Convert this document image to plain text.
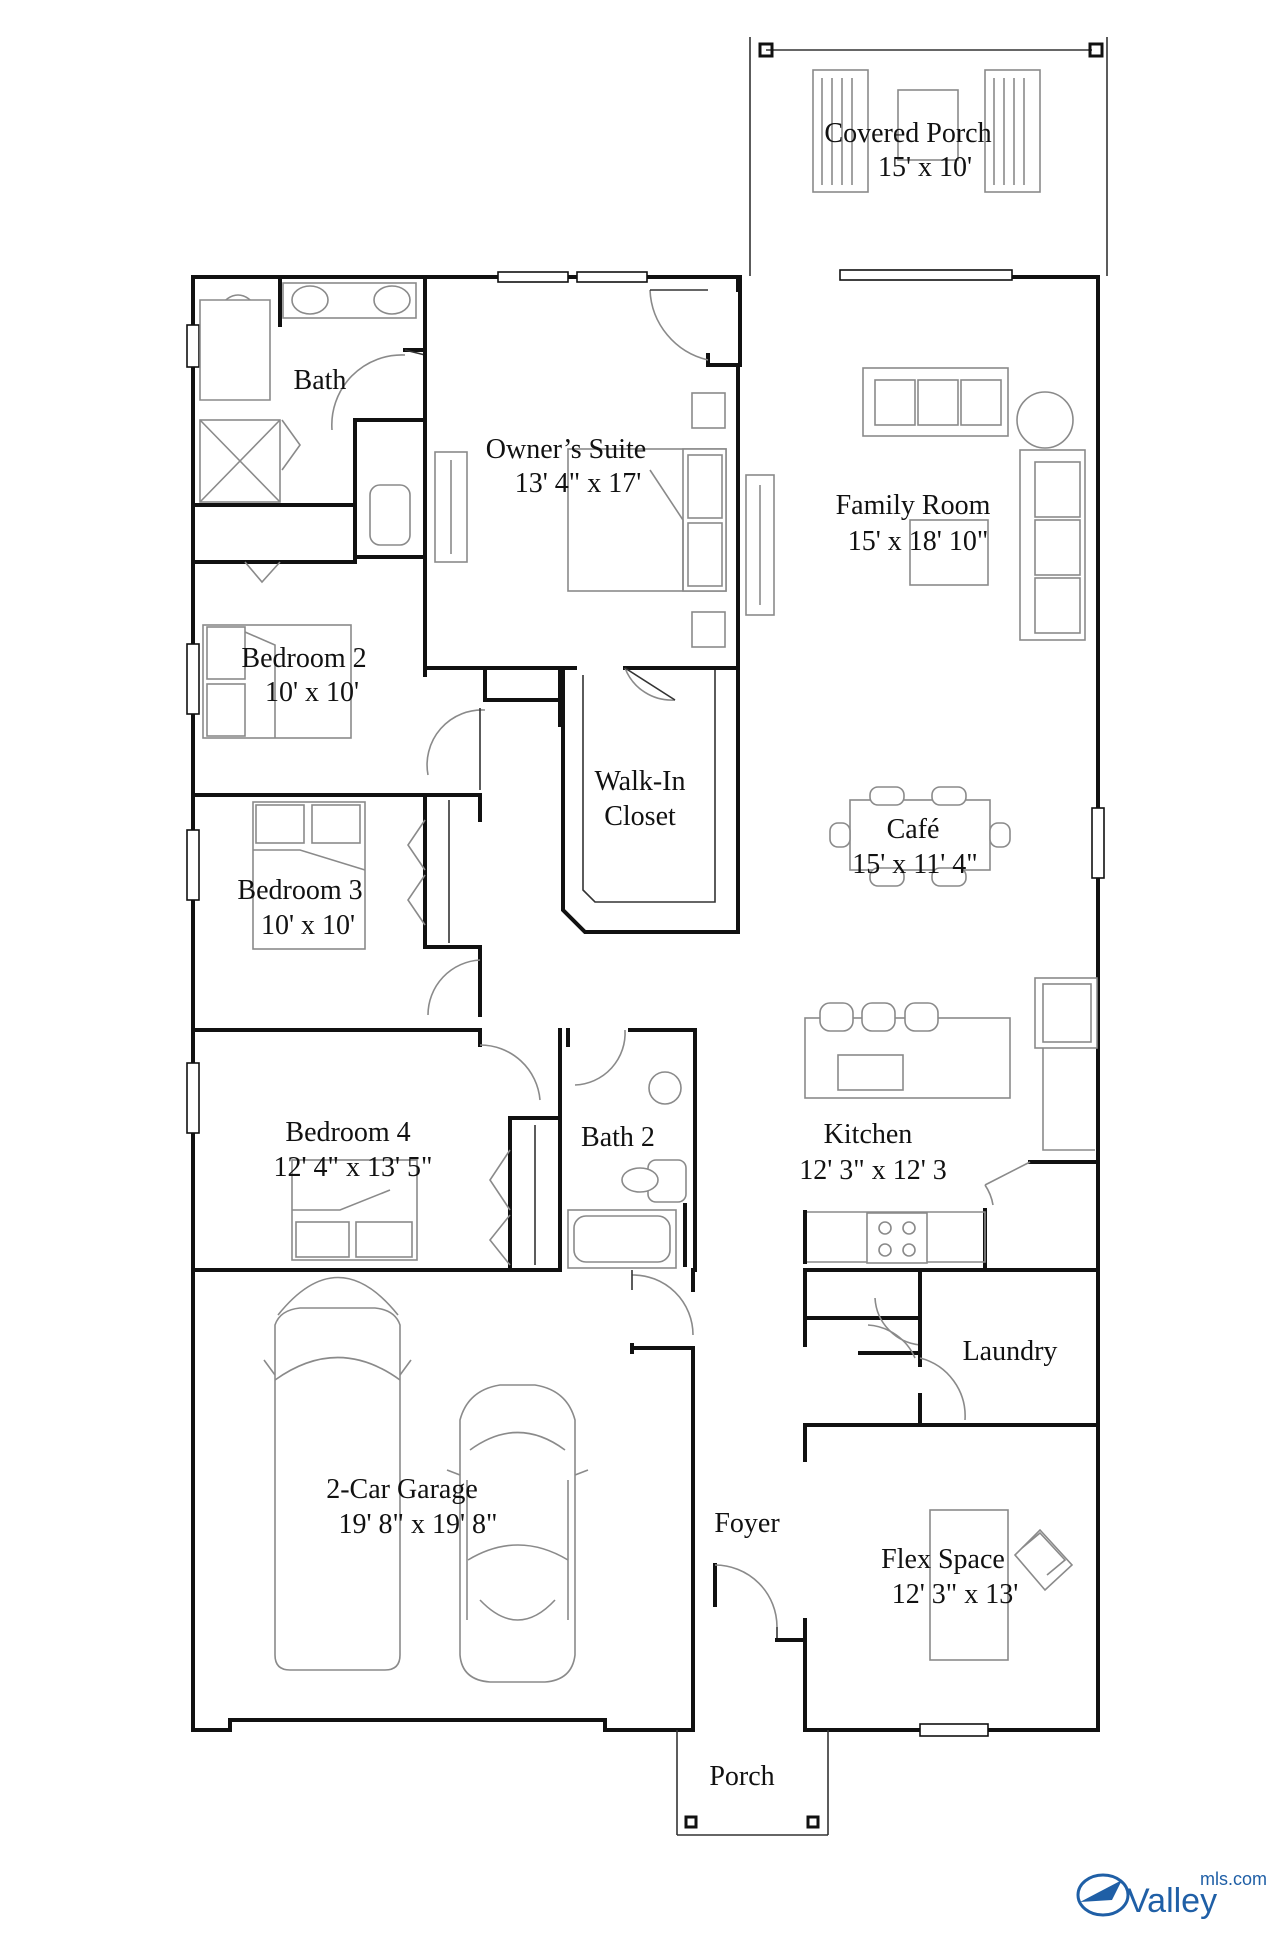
Covered Porch
15' x 10'
Bath
Owner’s Suite
13' 4" x 17'
Family Room
15' x 18' 10"
Bedroom 2
10' x 10'
Walk-In
Closet	Café
15' x 11' 4"
Bedroom 3
10' x 10'
Bedroom 4
12' 4" x 13' 5"
Bath 2	Kitchen
12' 3" x 12' 3
Laundry
2-Car Garage
19' 8" x 19' 8"	Foyer
Flex Space
12' 3" x 13'
Porch
Valley
mls.com
